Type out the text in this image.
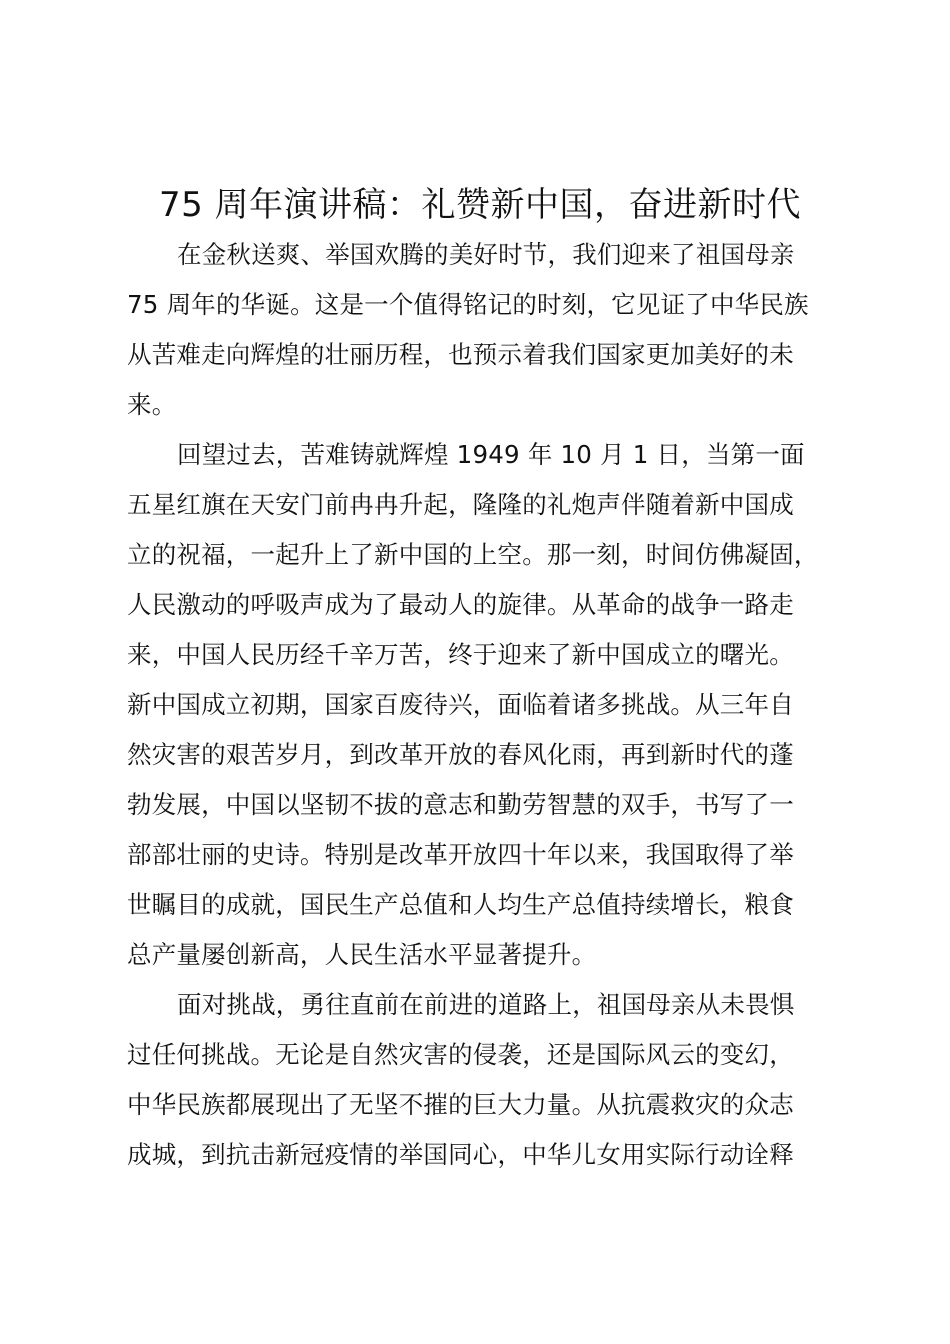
75 周年演讲稿：礼赞新中国，奋进新时代
在金秋送爽、举国欢腾的美好时节，我们迎来了祖国母亲
75 周年的华诞。这是一个值得铭记的时刻，它见证了中华民族
从苦难走向辉煌的壮丽历程，也预示着我们国家更加美好的未
来。
回望过去，苦难铸就辉煌 1949 年 10 月 1 日，当第一面
五星红旗在天安门前冉冉升起，隆隆的礼炮声伴随着新中国成
立的祝福，一起升上了新中国的上空。那一刻，时间仿佛凝固，
人民激动的呼吸声成为了最动人的旋律。从革命的战争一路走
来，中国人民历经千辛万苦，终于迎来了新中国成立的曙光。
新中国成立初期，国家百废待兴，面临着诸多挑战。从三年自
然灾害的艰苦岁月，到改革开放的春风化雨，再到新时代的蓬
勃发展，中国以坚韧不拔的意志和勤劳智慧的双手，书写了一
部部壮丽的史诗。特别是改革开放四十年以来，我国取得了举
世瞩目的成就，国民生产总值和人均生产总值持续增长，粮食
总产量屡创新高，人民生活水平显著提升。
面对挑战，勇往直前在前进的道路上，祖国母亲从未畏惧
过任何挑战。无论是自然灾害的侵袭，还是国际风云的变幻，
中华民族都展现出了无坚不摧的巨大力量。从抗震救灾的众志
成城，到抗击新冠疫情的举国同心，中华儿女用实际行动诠释
